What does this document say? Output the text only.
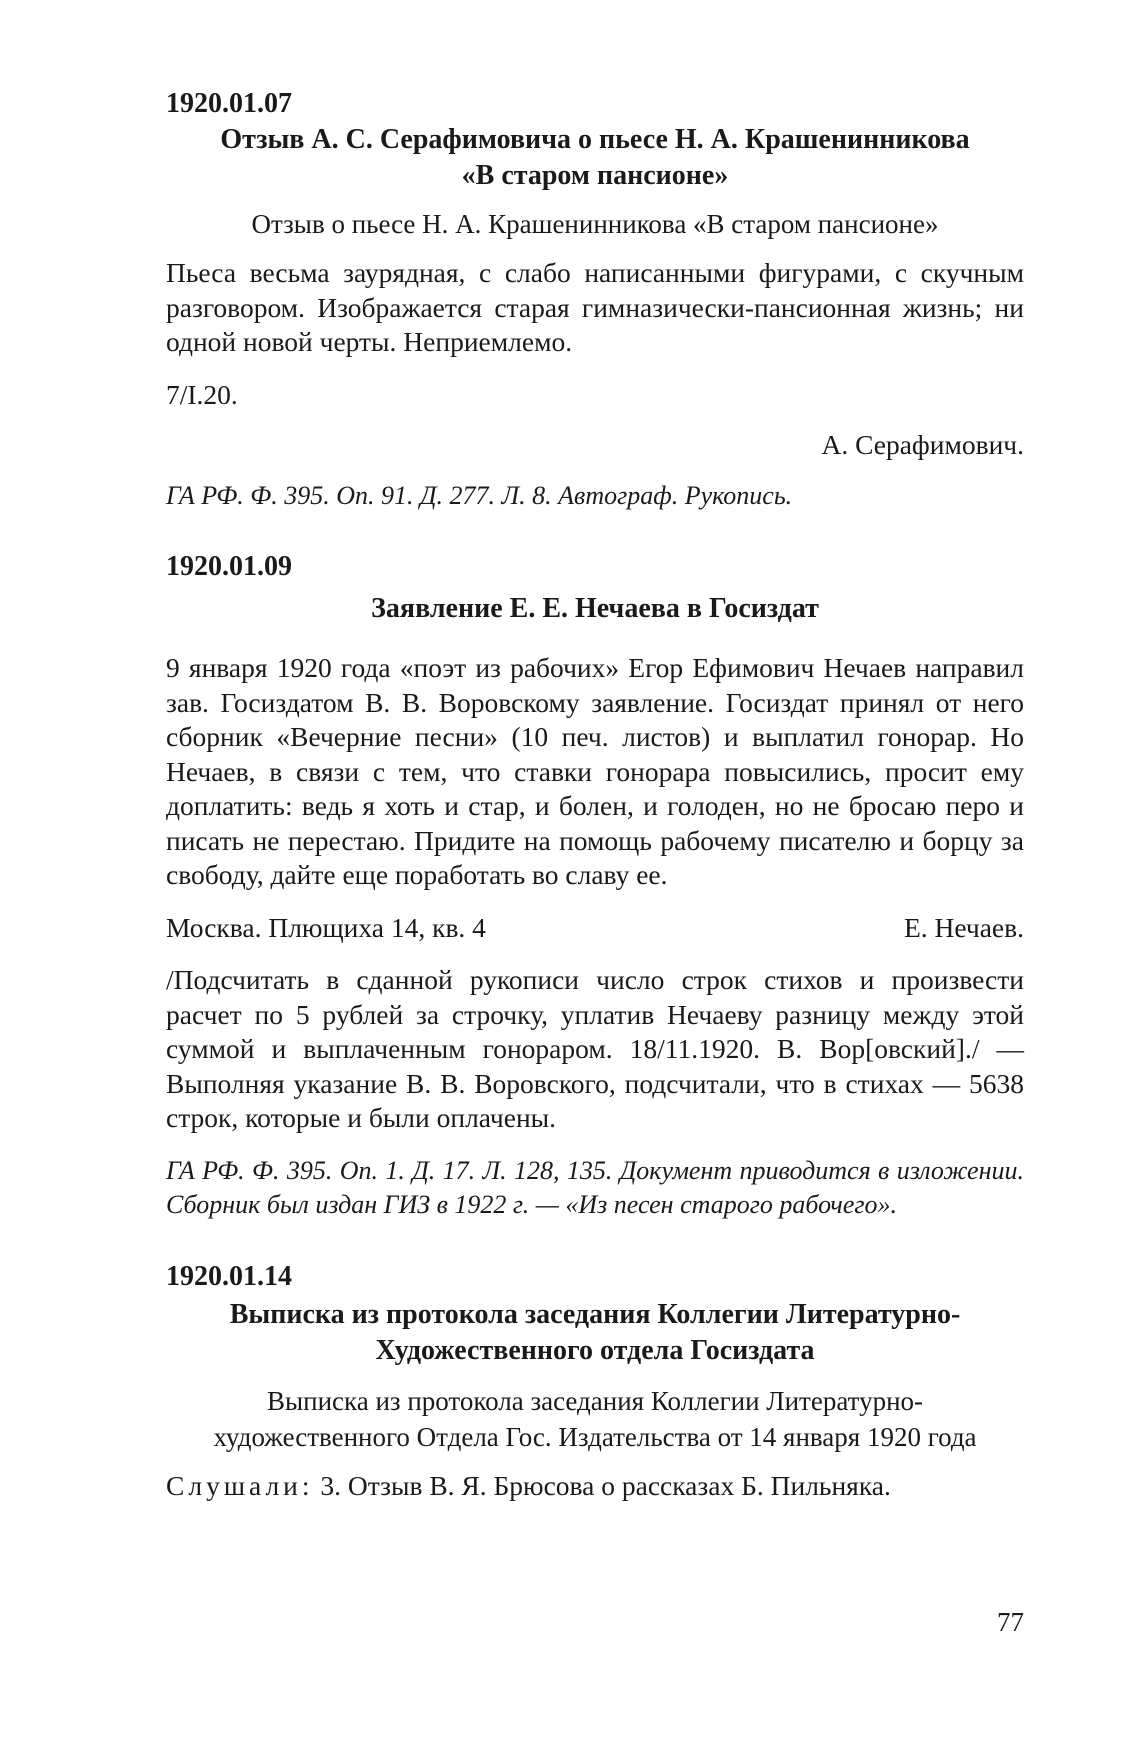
1920.01.07

Отзыв А. С. Серафимовича о пьесе Н. А. Крашенинникова
«В старом пансионе»

Отзыв о пьесе Н. А. Крашенинникова «В старом пансионе»

Пьеса весьма заурядная, с слабо написанными фигурами, с скучным разговором. Изображается старая гимназически-пансионная жизнь; ни одной новой черты. Неприемлемо.

7/I.20.

А. Серафимович.

ГА РФ. Ф. 395. Оп. 91. Д. 277. Л. 8. Автограф. Рукопись.

1920.01.09

Заявление Е. Е. Нечаева в Госиздат

9 января 1920 года «поэт из рабочих» Егор Ефимович Нечаев направил зав. Госиздатом В. В. Воровскому заявление. Госиздат принял от него сборник «Вечерние песни» (10 печ. листов) и выплатил гонорар. Но Нечаев, в связи с тем, что ставки гонорара повысились, просит ему доплатить: ведь я хоть и стар, и болен, и голоден, но не бросаю перо и писать не перестаю. Придите на помощь рабочему писателю и борцу за свободу, дайте еще поработать во славу ее.

Москва. Плющиха 14, кв. 4	Е. Нечаев.

/Подсчитать в сданной рукописи число строк стихов и произвести расчет по 5 рублей за строчку, уплатив Нечаеву разницу между этой суммой и выплаченным гонораром. 18/11.1920. В. Вор[овский]./ — Выполняя указание В. В. Воровского, подсчитали, что в стихах — 5638 строк, которые и были оплачены.

ГА РФ. Ф. 395. Оп. 1. Д. 17. Л. 128, 135. Документ приводится в изложении. Сборник был издан ГИЗ в 1922 г. — «Из песен старого рабочего».

1920.01.14

Выписка из протокола заседания Коллегии Литературно-
Художественного отдела Госиздата

Выписка из протокола заседания Коллегии Литературно-
художественного Отдела Гос. Издательства от 14 января 1920 года

Слушали: 3. Отзыв В. Я. Брюсова о рассказах Б. Пильняка.

77
